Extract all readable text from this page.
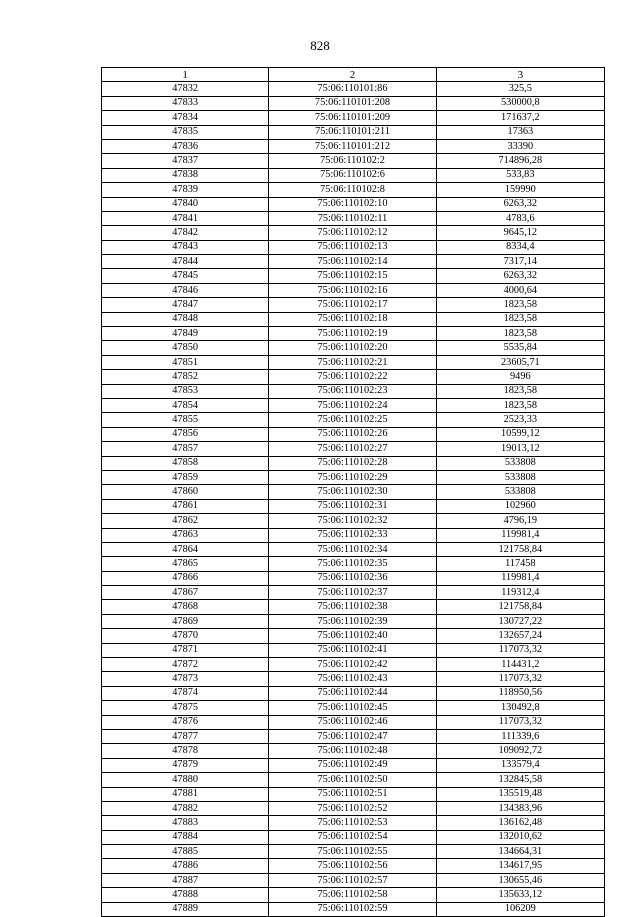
828
1	2	3
47832	75:06:110101:86	325,5
47833	75:06:110101:208	530000,8
47834	75:06:110101:209	171637,2
47835	75:06:110101:211	17363
47836	75:06:110101:212	33390
47837	75:06:110102:2	714896,28
47838	75:06:110102:6	533,83
47839	75:06:110102:8	159990
47840	75:06:110102:10	6263,32
47841	75:06:110102:11	4783,6
47842	75:06:110102:12	9645,12
47843	75:06:110102:13	8334,4
47844	75:06:110102:14	7317,14
47845	75:06:110102:15	6263,32
47846	75:06:110102:16	4000,64
47847	75:06:110102:17	1823,58
47848	75:06:110102:18	1823,58
47849	75:06:110102:19	1823,58
47850	75:06:110102:20	5535,84
47851	75:06:110102:21	23605,71
47852	75:06:110102:22	9496
47853	75:06:110102:23	1823,58
47854	75:06:110102:24	1823,58
47855	75:06:110102:25	2523,33
47856	75:06:110102:26	10599,12
47857	75:06:110102:27	19013,12
47858	75:06:110102:28	533808
47859	75:06:110102:29	533808
47860	75:06:110102:30	533808
47861	75:06:110102:31	102960
47862	75:06:110102:32	4796,19
47863	75:06:110102:33	119981,4
47864	75:06:110102:34	121758,84
47865	75:06:110102:35	117458
47866	75:06:110102:36	119981,4
47867	75:06:110102:37	119312,4
47868	75:06:110102:38	121758,84
47869	75:06:110102:39	130727,22
47870	75:06:110102:40	132657,24
47871	75:06:110102:41	117073,32
47872	75:06:110102:42	114431,2
47873	75:06:110102:43	117073,32
47874	75:06:110102:44	118950,56
47875	75:06:110102:45	130492,8
47876	75:06:110102:46	117073,32
47877	75:06:110102:47	111339,6
47878	75:06:110102:48	109092,72
47879	75:06:110102:49	133579,4
47880	75:06:110102:50	132845,58
47881	75:06:110102:51	135519,48
47882	75:06:110102:52	134383,96
47883	75:06:110102:53	136162,48
47884	75:06:110102:54	132010,62
47885	75:06:110102:55	134664,31
47886	75:06:110102:56	134617,95
47887	75:06:110102:57	130655,46
47888	75:06:110102:58	135633,12
47889	75:06:110102:59	106209
